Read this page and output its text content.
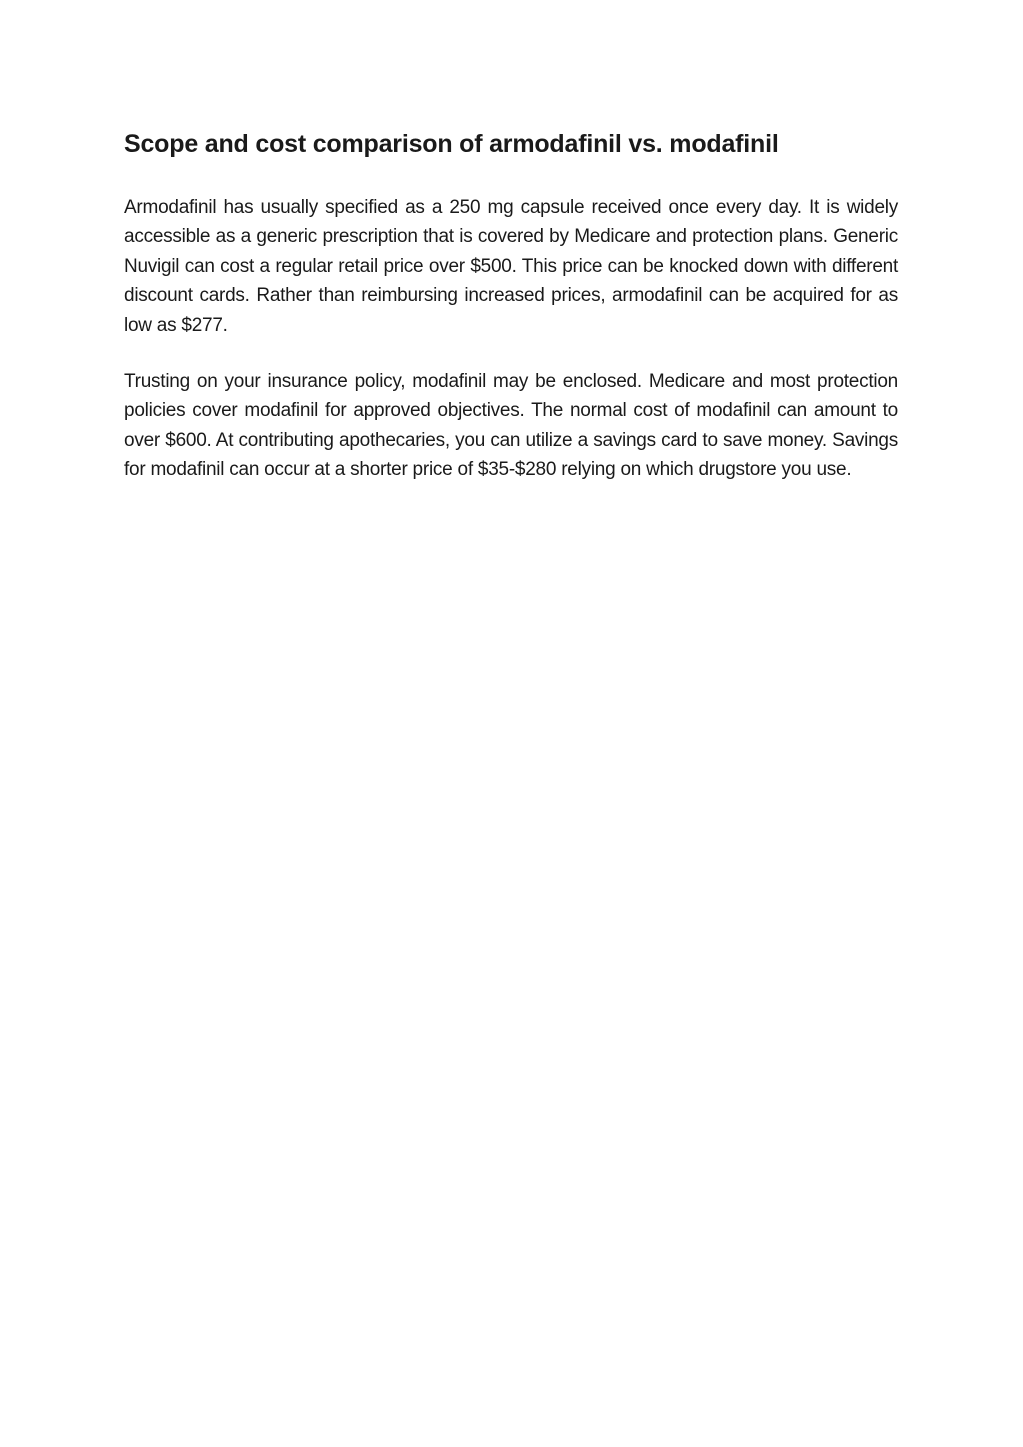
Scope and cost comparison of armodafinil vs. modafinil

Armodafinil has usually specified as a 250 mg capsule received once every day. It is widely accessible as a generic prescription that is covered by Medicare and protection plans. Generic Nuvigil can cost a regular retail price over $500. This price can be knocked down with different discount cards. Rather than reimbursing increased prices, armodafinil can be acquired for as low as $277.

Trusting on your insurance policy, modafinil may be enclosed. Medicare and most protection policies cover modafinil for approved objectives. The normal cost of modafinil can amount to over $600. At contributing apothecaries, you can utilize a savings card to save money. Savings for modafinil can occur at a shorter price of $35-$280 relying on which drugstore you use.
